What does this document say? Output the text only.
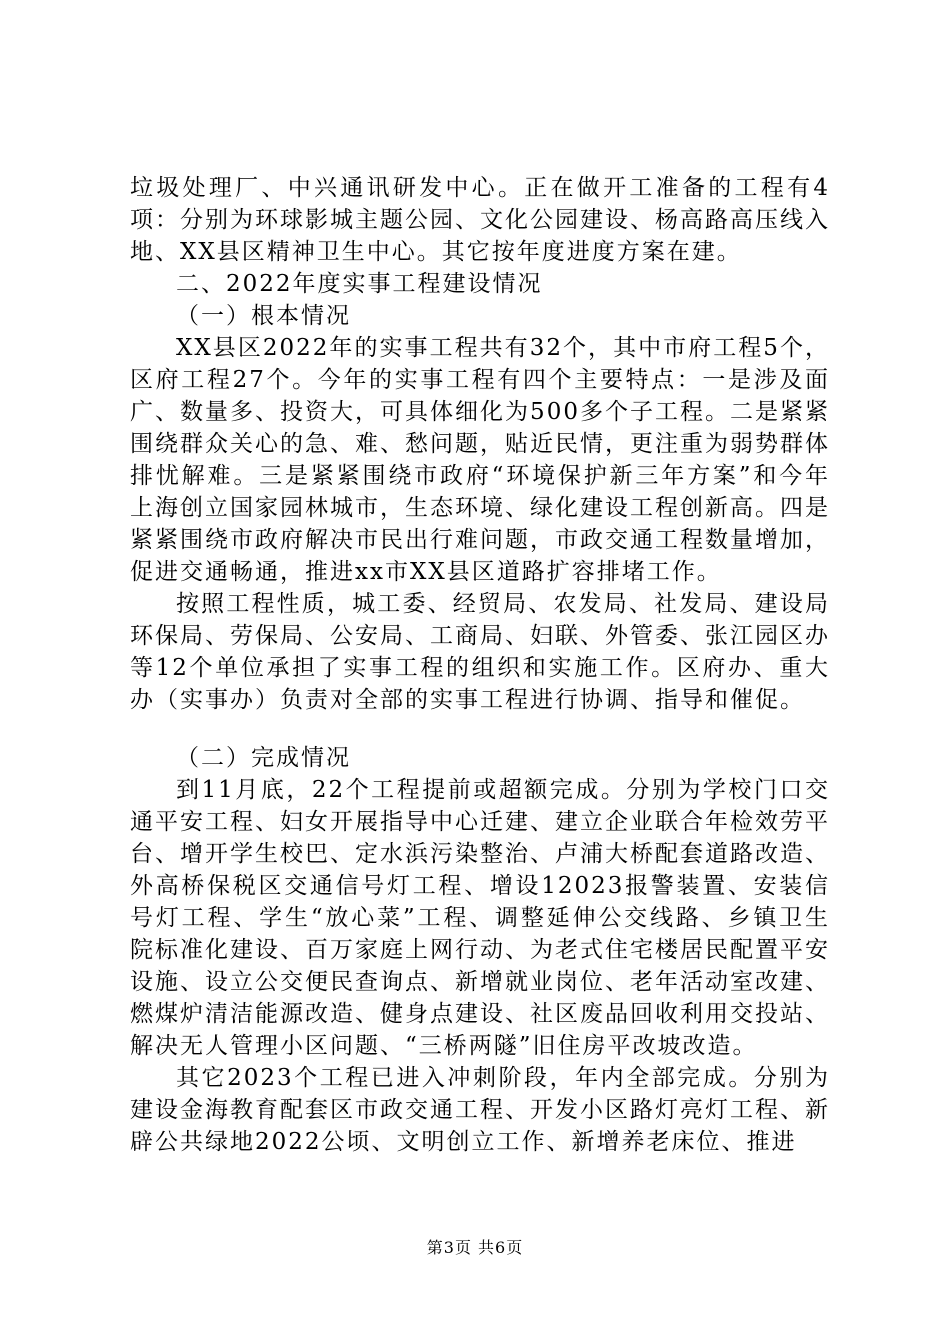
垃圾处理厂、中兴通讯研发中心。正在做开工准备的工程有4项：分别为环球影城主题公园、文化公园建设、杨高路高压线入地、XX县区精神卫生中心。其它按年度进度方案在建。

二、2022年度实事工程建设情况

（一）根本情况

XX县区2022年的实事工程共有32个，其中市府工程5个，区府工程27个。今年的实事工程有四个主要特点：一是涉及面广、数量多、投资大，可具体细化为500多个子工程。二是紧紧围绕群众关心的急、难、愁问题，贴近民情，更注重为弱势群体排忧解难。三是紧紧围绕市政府“环境保护新三年方案”和今年上海创立国家园林城市，生态环境、绿化建设工程创新高。四是紧紧围绕市政府解决市民出行难问题，市政交通工程数量增加，促进交通畅通，推进xx市XX县区道路扩容排堵工作。

按照工程性质，城工委、经贸局、农发局、社发局、建设局环保局、劳保局、公安局、工商局、妇联、外管委、张江园区办等12个单位承担了实事工程的组织和实施工作。区府办、重大办（实事办）负责对全部的实事工程进行协调、指导和催促。

（二）完成情况

到11月底，22个工程提前或超额完成。分别为学校门口交通平安工程、妇女开展指导中心迁建、建立企业联合年检效劳平台、增开学生校巴、定水浜污染整治、卢浦大桥配套道路改造、外高桥保税区交通信号灯工程、增设12023报警装置、安装信号灯工程、学生“放心菜”工程、调整延伸公交线路、乡镇卫生院标准化建设、百万家庭上网行动、为老式住宅楼居民配置平安设施、设立公交便民查询点、新增就业岗位、老年活动室改建、燃煤炉清洁能源改造、健身点建设、社区废品回收利用交投站、解决无人管理小区问题、“三桥两隧”旧住房平改坡改造。

其它2023个工程已进入冲刺阶段，年内全部完成。分别为建设金海教育配套区市政交通工程、开发小区路灯亮灯工程、新辟公共绿地2022公顷、文明创立工作、新增养老床位、推进

第3页 共6页
